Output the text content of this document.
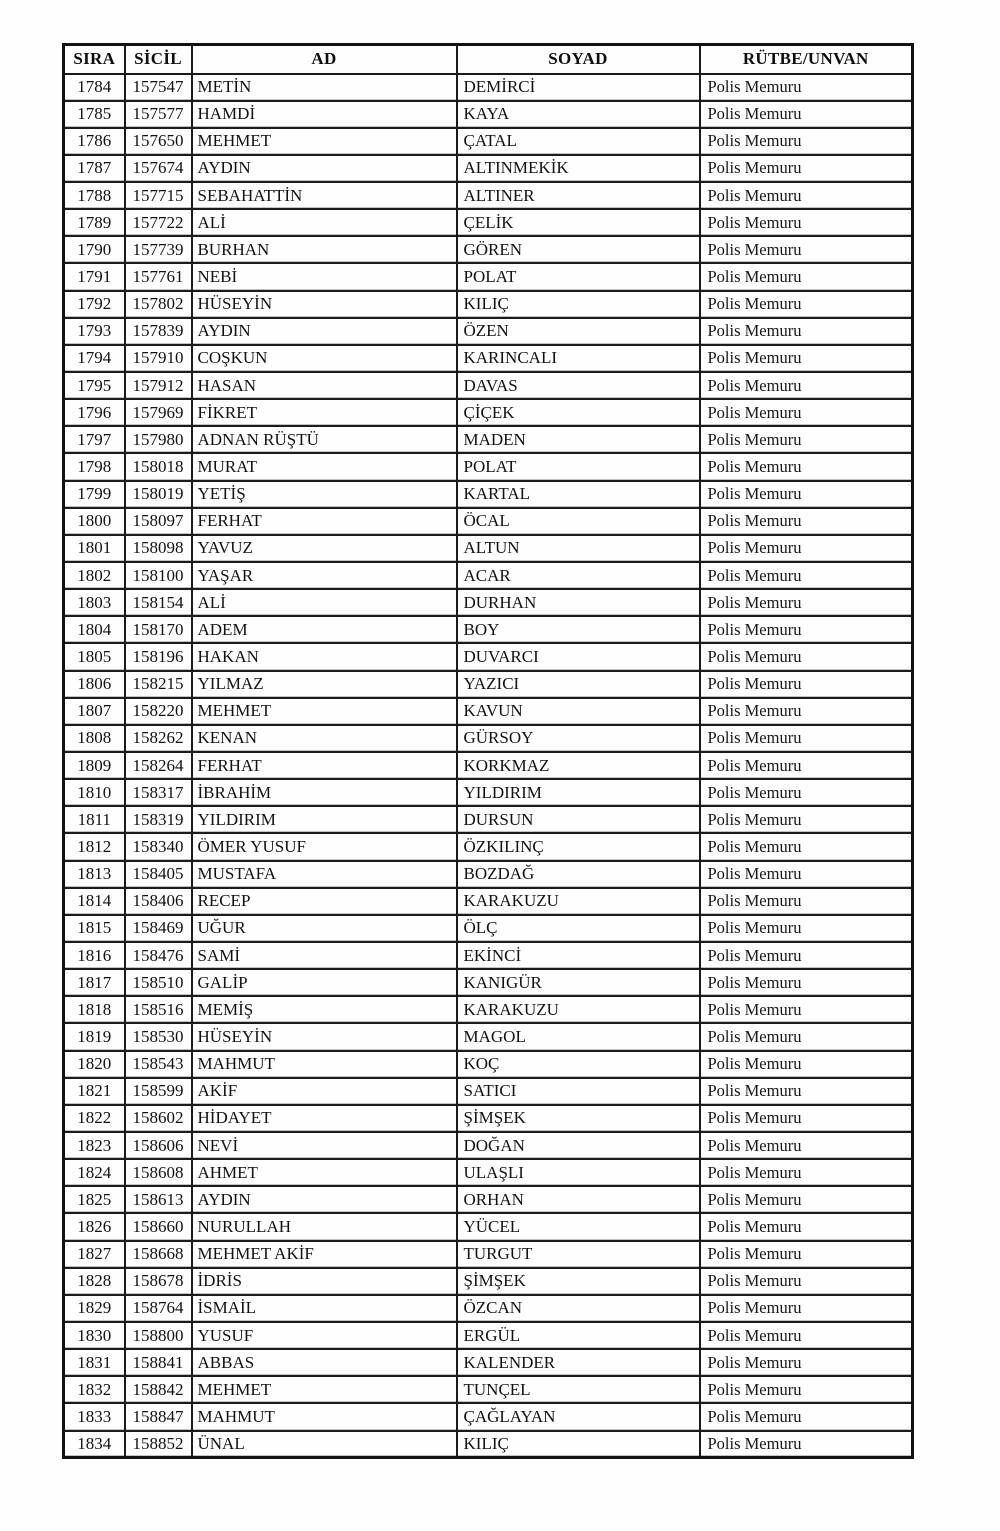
SIRA	SİCİL	AD	SOYAD	RÜTBE/UNVAN
1784	157547	METİN	DEMİRCİ	Polis Memuru
1785	157577	HAMDİ	KAYA	Polis Memuru
1786	157650	MEHMET	ÇATAL	Polis Memuru
1787	157674	AYDIN	ALTINMEKİK	Polis Memuru
1788	157715	SEBAHATTİN	ALTINER	Polis Memuru
1789	157722	ALİ	ÇELİK	Polis Memuru
1790	157739	BURHAN	GÖREN	Polis Memuru
1791	157761	NEBİ	POLAT	Polis Memuru
1792	157802	HÜSEYİN	KILIÇ	Polis Memuru
1793	157839	AYDIN	ÖZEN	Polis Memuru
1794	157910	COŞKUN	KARINCALI	Polis Memuru
1795	157912	HASAN	DAVAS	Polis Memuru
1796	157969	FİKRET	ÇİÇEK	Polis Memuru
1797	157980	ADNAN RÜŞTÜ	MADEN	Polis Memuru
1798	158018	MURAT	POLAT	Polis Memuru
1799	158019	YETİŞ	KARTAL	Polis Memuru
1800	158097	FERHAT	ÖCAL	Polis Memuru
1801	158098	YAVUZ	ALTUN	Polis Memuru
1802	158100	YAŞAR	ACAR	Polis Memuru
1803	158154	ALİ	DURHAN	Polis Memuru
1804	158170	ADEM	BOY	Polis Memuru
1805	158196	HAKAN	DUVARCI	Polis Memuru
1806	158215	YILMAZ	YAZICI	Polis Memuru
1807	158220	MEHMET	KAVUN	Polis Memuru
1808	158262	KENAN	GÜRSOY	Polis Memuru
1809	158264	FERHAT	KORKMAZ	Polis Memuru
1810	158317	İBRAHİM	YILDIRIM	Polis Memuru
1811	158319	YILDIRIM	DURSUN	Polis Memuru
1812	158340	ÖMER YUSUF	ÖZKILINÇ	Polis Memuru
1813	158405	MUSTAFA	BOZDAĞ	Polis Memuru
1814	158406	RECEP	KARAKUZU	Polis Memuru
1815	158469	UĞUR	ÖLÇ	Polis Memuru
1816	158476	SAMİ	EKİNCİ	Polis Memuru
1817	158510	GALİP	KANIGÜR	Polis Memuru
1818	158516	MEMİŞ	KARAKUZU	Polis Memuru
1819	158530	HÜSEYİN	MAGOL	Polis Memuru
1820	158543	MAHMUT	KOÇ	Polis Memuru
1821	158599	AKİF	SATICI	Polis Memuru
1822	158602	HİDAYET	ŞİMŞEK	Polis Memuru
1823	158606	NEVİ	DOĞAN	Polis Memuru
1824	158608	AHMET	ULAŞLI	Polis Memuru
1825	158613	AYDIN	ORHAN	Polis Memuru
1826	158660	NURULLAH	YÜCEL	Polis Memuru
1827	158668	MEHMET AKİF	TURGUT	Polis Memuru
1828	158678	İDRİS	ŞİMŞEK	Polis Memuru
1829	158764	İSMAİL	ÖZCAN	Polis Memuru
1830	158800	YUSUF	ERGÜL	Polis Memuru
1831	158841	ABBAS	KALENDER	Polis Memuru
1832	158842	MEHMET	TUNÇEL	Polis Memuru
1833	158847	MAHMUT	ÇAĞLAYAN	Polis Memuru
1834	158852	ÜNAL	KILIÇ	Polis Memuru
